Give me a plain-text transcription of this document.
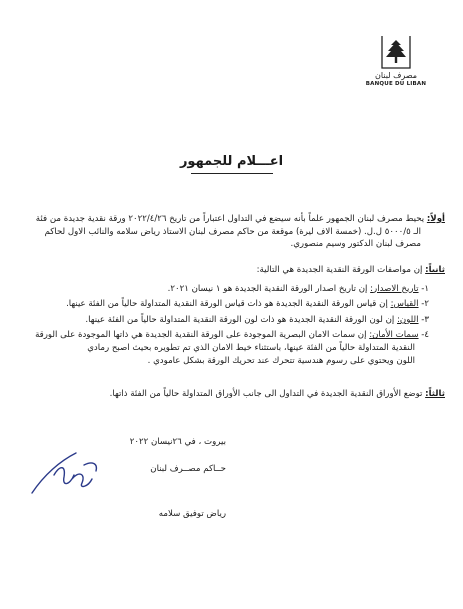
مصرف لبنان
BANQUE DU LIBAN
اعـــلام للجمهور
أولاً: يحيط مصرف لبنان الجمهور علماً بأنه سيضع في التداول اعتباراً من تاريخ ٢٠٢٢/٤/٢٦ ورقة نقدية جديدة من فئة
الـ ٥٠٠٠/٥ ل.ل. (خمسة الاف ليرة) موقعة من حاكم مصرف لبنان الاستاذ رياض سلامه والنائب الاول لحاكم
مصرف لبنان الدكتور وسيم منصوري.
ثانياً: إن مواصفات الورقة النقدية الجديدة هي التالية:
١- تاريخ الاصدار: إن تاريخ اصدار الورقة النقدية الجديدة هو ١ نيسان ٢٠٢١.
٢- القياس: إن قياس الورقة النقدية الجديدة هو ذات قياس الورقة النقدية المتداولة حالياً من الفئة عينها.
٣- اللون: إن لون الورقة النقدية الجديدة هو ذات لون الورقة النقدية المتداولة حالياً من الفئة عينها.
٤- سمات الأمان: إن سمات الامان البصرية الموجودة على الورقة النقدية الجديدة هي ذاتها الموجودة على الورقة
النقدية المتداولة حالياً من الفئة عينها، باستثناء خيط الامان الذي تم تطويره بحيث اصبح رمادي
اللون ويحتوي على رسوم هندسية تتحرك عند تحريك الورقة بشكل عامودي .
ثالثاً: توضع الأوراق النقدية الجديدة في التداول الى جانب الأوراق المتداولة حالياً من الفئة ذاتها.
بيروت ، في ٢٦نيسان ٢٠٢٢
حــاكم مصــرف لبنان
رياض توفيق سلامه
